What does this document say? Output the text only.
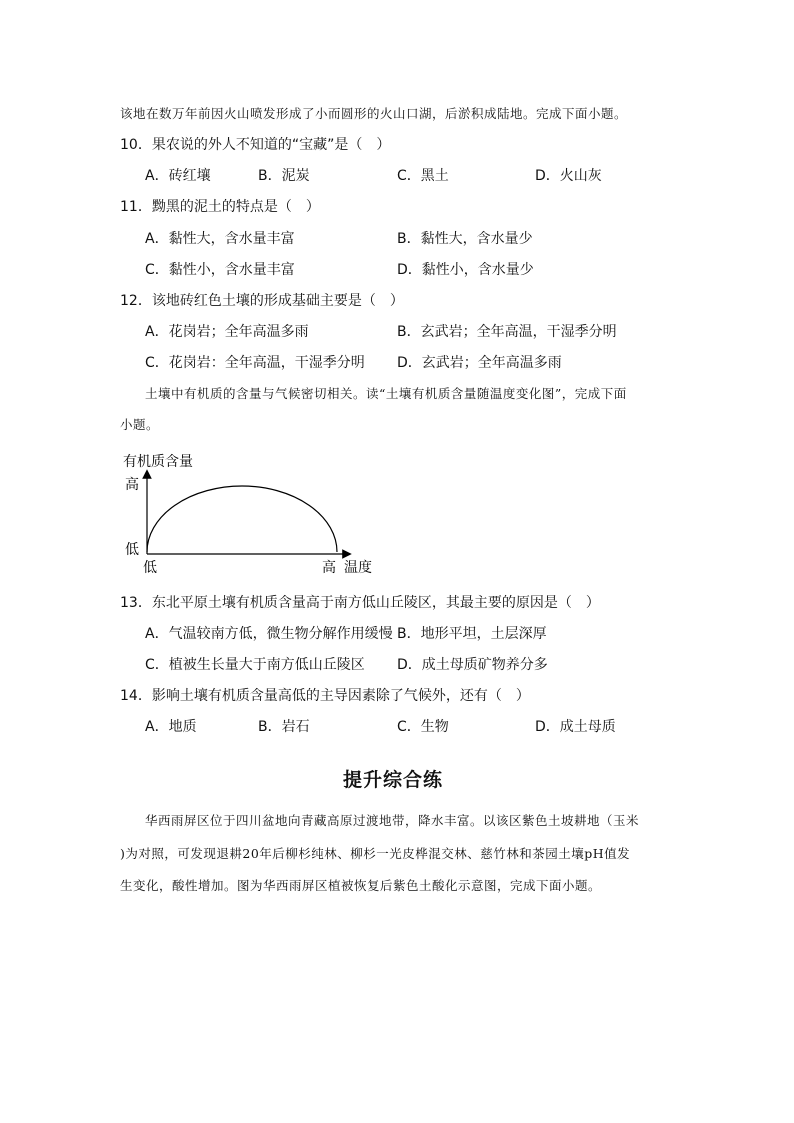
该地在数万年前因火山喷发形成了小而圆形的火山口湖，后淤积成陆地。完成下面小题。
10．果农说的外人不知道的“宝藏”是（　）
A．砖红壤	B．泥炭	C．黑土	D．火山灰
11．黝黑的泥土的特点是（　）
A．黏性大，含水量丰富	B．黏性大，含水量少
C．黏性小，含水量丰富	D．黏性小，含水量少
12．该地砖红色土壤的形成基础主要是（　）
A．花岗岩；全年高温多雨	B．玄武岩；全年高温，干湿季分明
C．花岗岩：全年高温，干湿季分明 D．玄武岩；全年高温多雨
土壤中有机质的含量与气候密切相关。读“土壤有机质含量随温度变化图”，完成下面
小题。
有机质含量
高
低
低	高 温度
13．东北平原土壤有机质含量高于南方低山丘陵区，其最主要的原因是（　）
A．气温较南方低，微生物分解作用缓慢 B．地形平坦，土层深厚
C．植被生长量大于南方低山丘陵区 D．成土母质矿物养分多
14．影响土壤有机质含量高低的主导因素除了气候外，还有（　）
A．地质	B．岩石	C．生物	D．成土母质
提升综合练
华西雨屏区位于四川盆地向青藏高原过渡地带，降水丰富。以该区紫色土坡耕地（玉米
)为对照，可发现退耕20年后柳杉纯林、柳杉一光皮桦混交林、慈竹林和茶园土壤pH值发
生变化，酸性增加。图为华西雨屏区植被恢复后紫色土酸化示意图，完成下面小题。
